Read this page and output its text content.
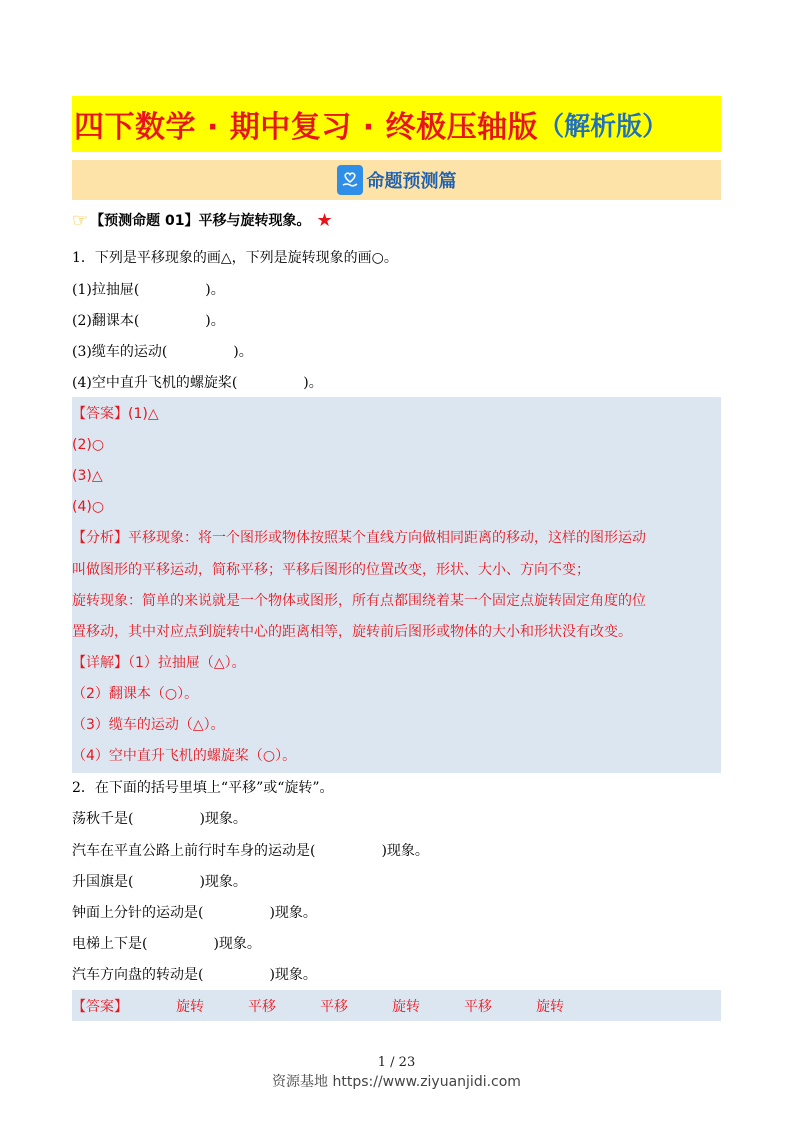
四下数学 · 期中复习 · 终极压轴版 （解析版）
命题预测篇
☞ 【预测命题 01】平移与旋转现象。 ★
1．下列是平移现象的画△，下列是旋转现象的画○。
(1)拉抽屉(	)。
(2)翻课本(	)。
(3)缆车的运动(	)。
(4)空中直升飞机的螺旋桨(	)。
【答案】(1)△
(2)○
(3)△
(4)○
【分析】平移现象：将一个图形或物体按照某个直线方向做相同距离的移动，这样的图形运动
叫做图形的平移运动，简称平移；平移后图形的位置改变，形状、大小、方向不变；
旋转现象：简单的来说就是一个物体或图形，所有点都围绕着某一个固定点旋转固定角度的位
置移动，其中对应点到旋转中心的距离相等，旋转前后图形或物体的大小和形状没有改变。
【详解】（1）拉抽屉（△）。
（2）翻课本（○）。
（3）缆车的运动（△）。
（4）空中直升飞机的螺旋桨（○）。
2．在下面的括号里填上“平移”或“旋转”。
荡秋千是(	)现象。
汽车在平直公路上前行时车身的运动是(	)现象。
升国旗是(	)现象。
钟面上分针的运动是(	)现象。
电梯上下是(	)现象。
汽车方向盘的转动是(	)现象。
【答案】	旋转	平移	平移	旋转	平移	旋转
1 / 23
资源基地 https://www.ziyuanjidi.com
